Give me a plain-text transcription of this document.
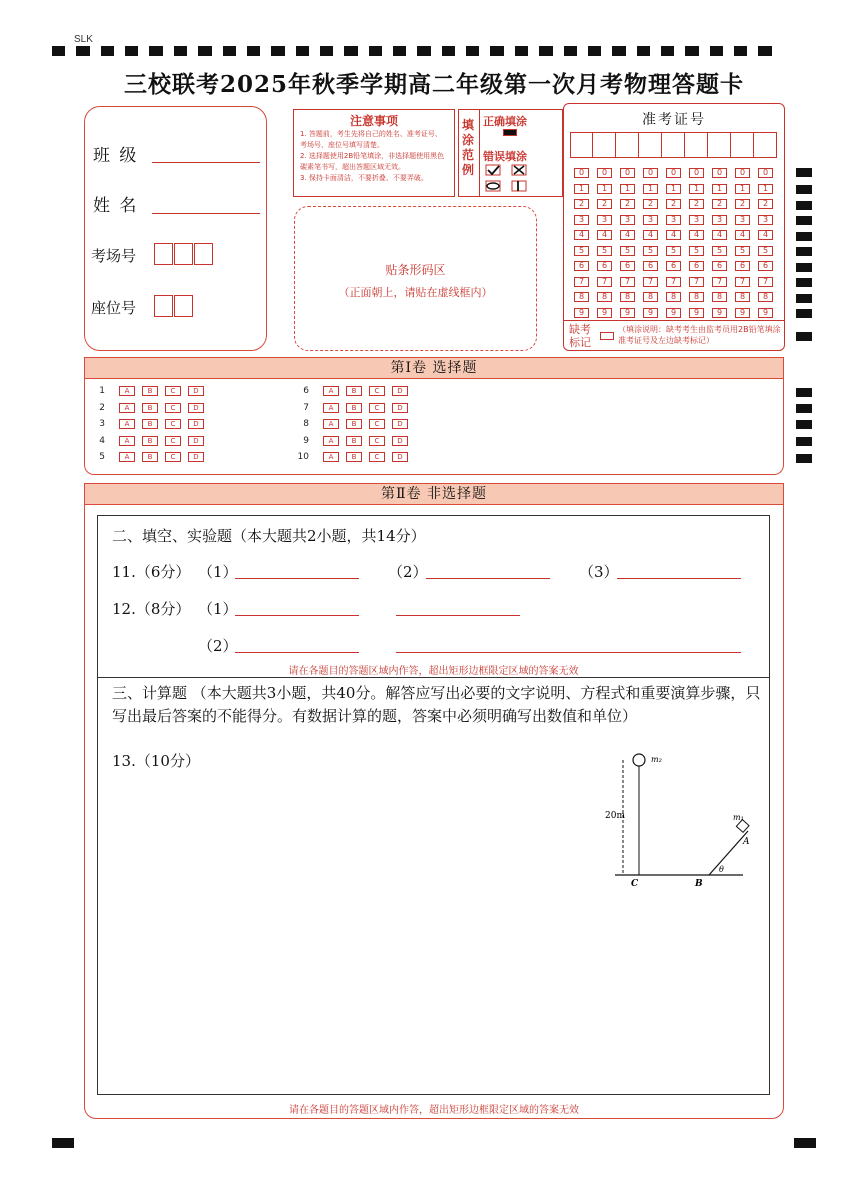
SLK
三校联考2025年秋季学期高二年级第一次月考物理答题卡
班 级
姓 名
考场号
座位号
注意事项

1. 答题前，考生先将自己的姓名、准考证号、考场号、座位号填写清楚。

2. 选择题使用2B铅笔填涂，非选择题使用黑色碳素笔书写，超出答题区域无效。

3. 保持卡面清洁，不要折叠、不要弄破。

填涂范例
正确填涂
错误填涂
贴条形码区
（正面朝上，请贴在虚线框内）
准考证号
0	0	0	0	0	0	0	0	0
1	1	1	1	1	1	1	1	1
2	2	2	2	2	2	2	2	2
3	3	3	3	3	3	3	3	3
4	4	4	4	4	4	4	4	4
5	5	5	5	5	5	5	5	5
6	6	6	6	6	6	6	6	6
7	7	7	7	7	7	7	7	7
8	8	8	8	8	8	8	8	8
9	9	9	9	9	9	9	9	9
缺考标记
（填涂说明：缺考考生由监考员用2B铅笔填涂准考证号及左边缺考标记）
第Ⅰ卷 选择题
1	A	B	C	D
2	A	B	C	D
3	A	B	C	D
4	A	B	C	D
5	A	B	C	D
6	A	B	C	D
7	A	B	C	D
8	A	B	C	D
9	A	B	C	D
10	A	B	C	D
第Ⅱ卷 非选择题
二、填空、实验题（本大题共2小题，共14分）
11.（6分） （1）	（2）	（3）
12.（8分） （1）
（2）
请在各题目的答题区域内作答，超出矩形边框限定区域的答案无效
三、计算题 （本大题共3小题，共40分。解答应写出必要的文字说明、方程式和重要演算步骤，只写出最后答案的不能得分。有数据计算的题，答案中必须明确写出数值和单位）
13.（10分）	m₂
20m	m₁
A
B
C
θ
请在各题目的答题区域内作答，超出矩形边框限定区域的答案无效
